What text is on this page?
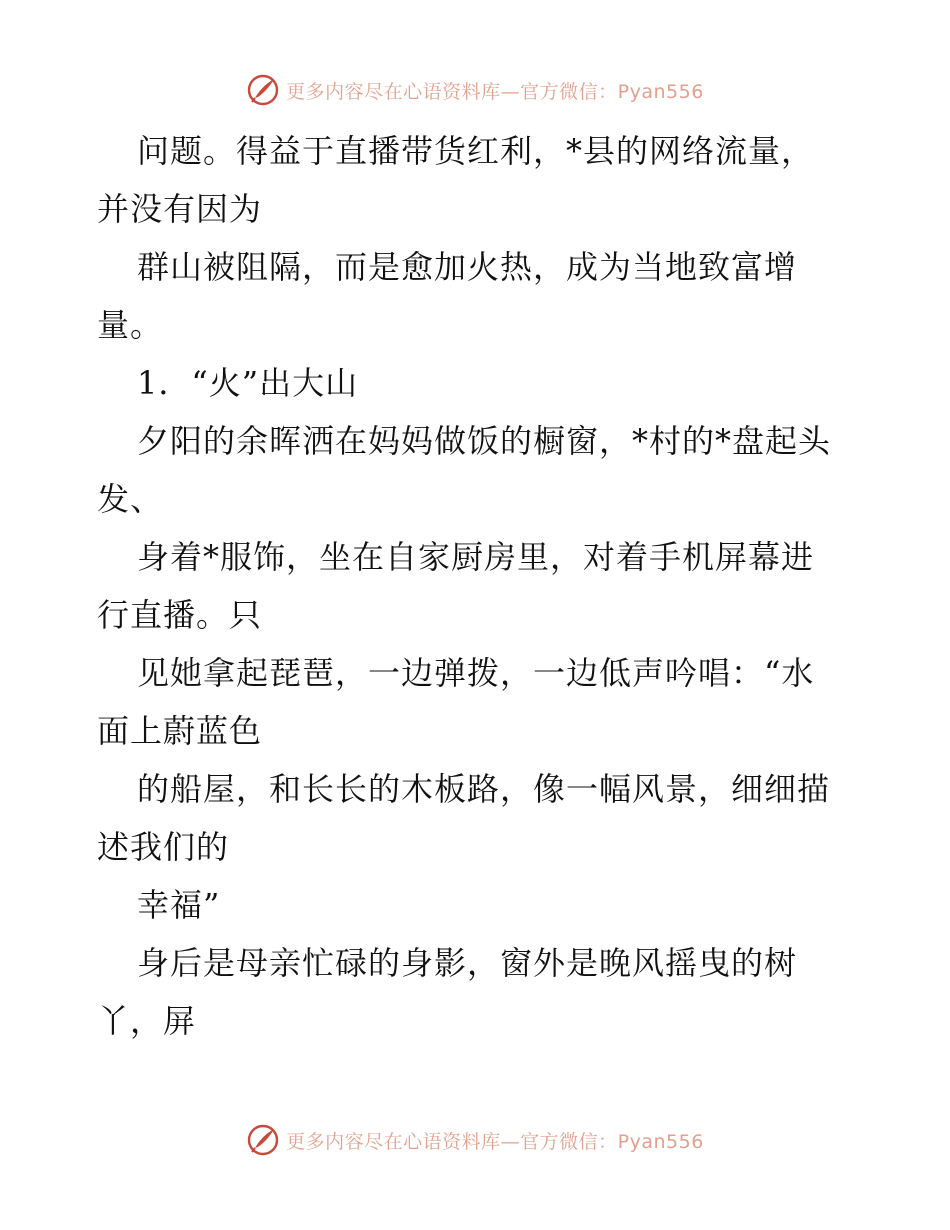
更多内容尽在心语资料库—官方微信：Pyan556
问题。得益于直播带货红利，*县的网络流量，
并没有因为
群山被阻隔，而是愈加火热，成为当地致富增
量。
1．“火”出大山
夕阳的余晖洒在妈妈做饭的橱窗，*村的*盘起头
发、
身着*服饰，坐在自家厨房里，对着手机屏幕进
行直播。只
见她拿起琵琶，一边弹拨，一边低声吟唱：“水
面上蔚蓝色
的船屋，和长长的木板路，像一幅风景，细细描
述我们的
幸福”
身后是母亲忙碌的身影，窗外是晚风摇曳的树
丫，屏
更多内容尽在心语资料库—官方微信：Pyan556
